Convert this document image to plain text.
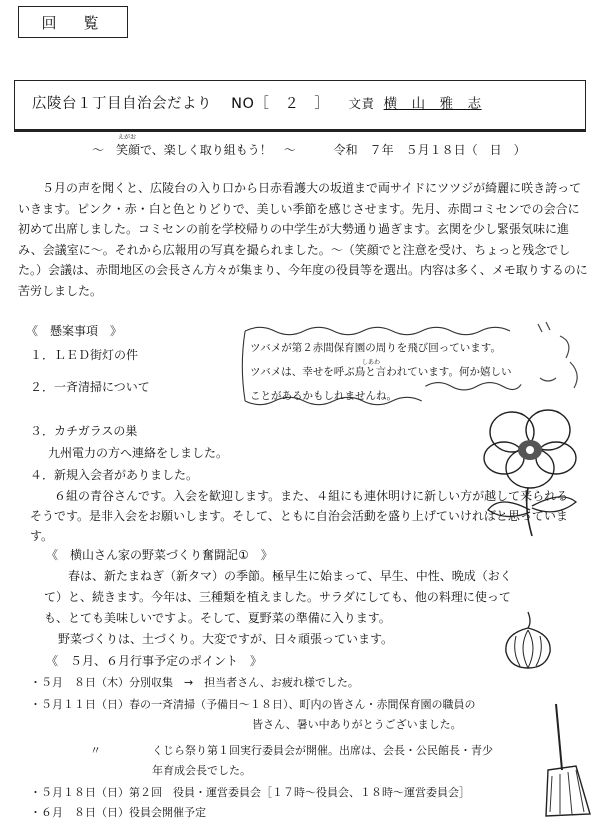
回　覧
広陵台１丁目自治会だより NO［　２　］ 文責 横　山　雅　志
えがお
～　笑顔で、楽しく取り組もう！　～	令和　７年　５月１８日（　日　）

５月の声を聞くと、広陵台の入り口から日赤看護大の坂道まで両サイドにツツジが綺麗に咲き誇っていきます。ピンク・赤・白と色とりどりで、美しい季節を感じさせます。先月、赤間コミセンでの会合に初めて出席しました。コミセンの前を学校帰りの中学生が大勢通り過ぎます。玄関を少し緊張気味に進み、会議室に～。それから広報用の写真を撮られました。～（笑顔でと注意を受け、ちょっと残念でした。）会議は、赤間地区の会長さん方々が集まり、今年度の役員等を選出。内容は多く、メモ取りするのに苦労しました。

《　懸案事項　》
１．ＬＥＤ街灯の件
２．一斉清掃について
３．カチガラスの巣
九州電力の方へ連絡をしました。
４．新規入会者がありました。
６組の青谷さんです。入会を歓迎します。また、４組にも連休明けに新しい方が越して来られるそうです。是非入会をお願いします。そして、ともに自治会活動を盛り上げていければと思っています。
ツバメが第２赤間保育園の周りを飛び回っています。
しあわ
ツバメは、幸せを呼ぶ鳥と言われています。何か嬉しい
ことがあるかもしれませんね。
《　横山さん家の野菜づくり奮闘記①　》
春は、新たまねぎ（新タマ）の季節。極早生に始まって、早生、中性、晩成（おくて）と、続きます。今年は、三種類を植えました。サラダにしても、他の料理に使っても、とても美味しいですよ。そして、夏野菜の準備に入ります。
野菜づくりは、土づくり。大変ですが、日々頑張っています。
《　５月、６月行事予定のポイント　》
・５月　８日（木）分別収集　→　担当者さん、お疲れ様でした。
・５月１１日（日）春の一斉清掃（予備日～１８日）、町内の皆さん・赤間保育園の職員の
皆さん、暑い中ありがとうございました。
〃	くじら祭り第１回実行委員会が開催。出席は、会長・公民館長・青少
年育成会長でした。
・５月１８日（日）第２回　役員・運営委員会［１７時～役員会、１８時～運営委員会］
・６月　８日（日）役員会開催予定
